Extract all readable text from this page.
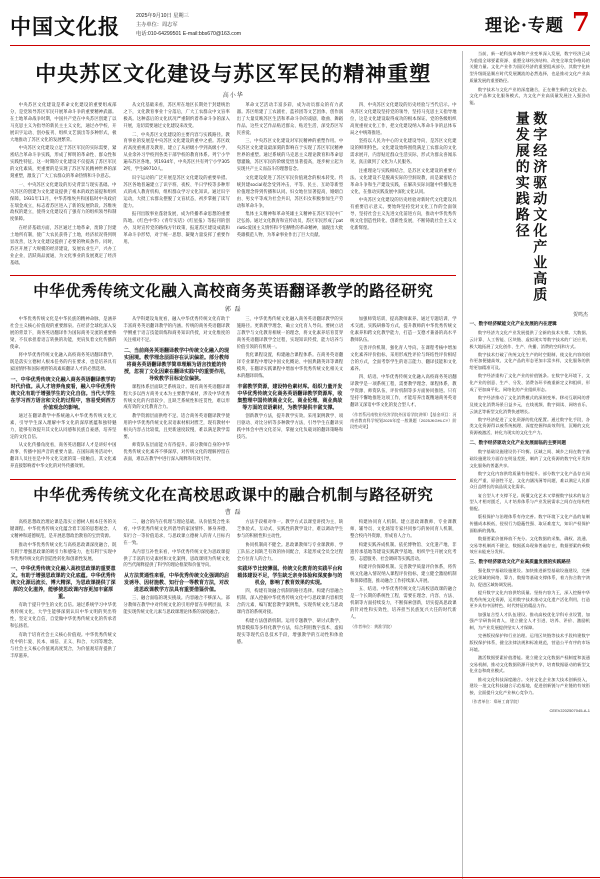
中国文化报	2025年9月10日 星期三
主办单位：周志军
电话:010-64299501 E-mail:bbs670@163.com	理论·专题 7
中央苏区文化建设与苏区军民的精神重塑
高小华

中央苏区文化建设是革命文化建设的重要组成部分，是党领导苏区军民开展革命斗争的重要精神武器。在土地革命战争时期，中国共产党在中央苏区创建了以马克思主义为指导的新民主主义文化，通过办学校、开展识字运动、创办报刊、组织文艺演出等多种形式，极大地推动了苏区文化的发展繁荣。

中央苏区文化建设立足于苏区军民的实际需要，紧密结合革命斗争实践，形成了鲜明的革命性、群众性和实践性特征。这一时期的文化建设不仅提高了苏区军民的文化素质，更重要的是实现了苏区军民精神世界的深刻重塑，激发了广大工农群众的革命热情和斗争意志。

一、中央苏区文化建设的历史背景与现实基础。中央苏区的创建为文化建设提供了根本的政治前提和组织保障。1931年11月，中华苏维埃共和国临时中央政府在瑞金成立，标志着苏区进入了新的发展阶段。苏维埃政权的建立，使得文化建设有了强有力的组织领导和制度保障。

在经济基础方面，苏区通过土地革命，废除了封建土地所有制，使广大农民获得了土地，经济状况得到明显改善，这为文化建设提供了必要的物质条件。同时，苏区开展了大规模的经济建设，发展农业生产，兴办工业企业，活跃商品流通，为文化事业的发展奠定了经济基础。

从文化基础来看，苏区所在地区长期处于封建统治之下，文化教育事业十分落后，广大工农群众中文盲率极高。这种落后的文化状况严重制约着革命斗争的深入开展，迫切需要通过文化建设来改变。

二、中央苏区文化建设的主要内容与实践路径。教育事业的发展是中央苏区文化建设的重中之重。苏区政府高度重视普及教育，建立了从初级小学到高级小学、从业余补习学校到各类干部学校的教育体系。列宁小学遍布苏区各地，到1934年，中央苏区共有列宁小学3052所，学生89710人。

识字运动的广泛开展是苏区文化建设的重要举措。苏区各地普遍建立了识字班、夜校、半日学校等多种形式的成人教育机构，组织群众学习文化知识。通过识字运动，大批工农群众摆脱了文盲状态，初步掌握了读写能力。

报刊出版事业蓬勃发展，成为传播革命思想的重要阵地。《红色中华》《青年实话》《红星报》等报刊的创办，及时宣传党的路线方针政策，报道苏区建设成就和革命斗争形势，对于统一思想、凝聚力量发挥了重要作用。

革命文艺活动丰富多彩，成为动员群众的有力武器。苏区组建了工农剧社、蓝衫团等文艺团体，创作演出了大量反映苏区生活和革命斗争的戏剧、歌曲、舞蹈作品。这些文艺作品贴近群众、贴近生活，深受苏区军民喜爱。

三、中央苏区文化建设对军民精神的重塑作用。中央苏区文化建设最深刻的影响在于实现了苏区军民精神世界的重塑。通过系统的马克思主义理论教育和革命思想灌输，苏区军民的阶级觉悟显著提高，逐步树立起为实现共产主义而奋斗的理想信念。

文化建设促进了苏区军民价值观念的根本转变。传统封建social观念受到冲击，平等、民主、互助等新型价值理念得到传播和认同。妇女地位显著提高，婚姻自由、男女平等成为社会共识，苏区妇女积极参加生产劳动和革命斗争。

集体主义精神和革命英雄主义精神在苏区军民中广泛弘扬。通过文化教育和宣传动员，苏区军民形成了patriotic爱国主义情怀和不怕牺牲的革命精神，涌现出大批英雄模范人物，为革命事业作出了巨大贡献。

四、中央苏区文化建设的历史经验与当代启示。中央苏区文化建设坚持党的领导，坚持马克思主义指导地位，这是文化建设取得成功的根本保证。党的各级组织高度重视文化工作，把文化建设纳入革命斗争的总体布局之中统筹推进。

坚持以人民为中心的文化建设导向，是苏区文化建设的鲜明特色。文化建设始终围绕满足工农群众的文化需求展开，内容贴近群众生活实际，形式为群众喜闻乐见，真正做到了文化为人民服务。

注重理论与实践相结合，是苏区文化建设的重要方法。文化建设不是脱离实际的空洞说教，而是紧密结合革命斗争和生产建设实践，在解决实际问题中传播先进文化，在推动实践发展中深化文化认同。

中央苏区文化建设的历史经验对新时代文化建设具有重要启示意义。要始终坚持党对文化工作的全面领导，坚持社会主义先进文化前进方向，推动中华优秀传统文化创造性转化、创新性发展，不断铸就社会主义文化新辉煌。

中华优秀传统文化融入高校商务英语翻译教学的路径研究
郭 磊

中华优秀传统文化是中华民族的精神命脉，是涵养社会主义核心价值观的重要源泉。在经济全球化深入发展的背景下，商务英语翻译作为国际商务交流的重要桥梁，不仅承担着语言转换的功能，更肩负着文化传播的使命。

将中华优秀传统文化融入高校商务英语翻译教学，既是落实立德树人根本任务的内在要求，也是培养具有家国情怀和国际视野的高素质翻译人才的必然选择。

一、中华优秀传统文化融入商务英语翻译教学的时代价值。从人才培养角度看，融入中华优秀传统文化有助于增强学生的文化自信。当代大学生在学习西方语言和文化的过程中，容易受到西方价值观念的影响。

通过在翻译教学中系统融入中华优秀传统文化元素，引导学生深入理解中华文化的深厚底蕴和独特魅力，能够有效提升其文化认同感和民族自豪感，培养坚定的文化自信。

从文化传播角度看，商务英语翻译人才是讲好中国故事、传播中国声音的重要力量。在国际商务活动中，翻译人员往往是中外文化交流的第一接触点，其文化素养直接影响着中华文化的对外传播效果。

从学科建设角度看，融入中华优秀传统文化有助于丰富商务英语翻译教学的内涵。传统的商务英语翻译教学侧重于语言技能训练和商务知识传授，对文化维度的关注相对不足。

二、当前商务英语翻译教学中传统文化融入的现实困境。教学理念层面存在认识偏差。部分教师将商务英语翻译教学简单理解为语言技能的传授，忽视了文化因素在翻译实践中的重要作用，导致教学目标定位偏狭。

课程体系层面缺乏系统设计。现有商务英语翻译课程大多以西方商务文本为主要教学素材，涉及中华优秀传统文化的内容较少，且缺乏系统性和连贯性，难以形成有效的文化教育合力。

教学资源层面供给不足。适合商务英语翻译教学使用的中华优秀传统文化双语素材相对匮乏，现有教材中相关内容占比较低，且更新速度较慢，难以满足教学需要。

师资队伍层面能力有待提升。部分教师自身的中华优秀传统文化素养不够深厚，对传统文化的理解停留在表面，难以在教学中进行深入阐释和有效引导。

三、中华优秀传统文化融入商务英语翻译教学的实施路径。更新教学理念，确立文化育人导向。要树立语言教学与文化教育相统一的理念，将文化素养培育贯穿商务英语翻译教学全过程，实现知识传授、能力培养与价值引领的有机统一。

优化课程设置，构建融合课程体系。在商务英语翻译专业课程中增设中国文化概论、中国典籍英译等课程模块，在翻译实践课程中增加中华优秀传统文化相关文本的翻译训练。

丰富教学资源，建设特色素材库。组织力量开发中华优秀传统文化商务英语翻译教学资源库，收集整理中国传统商业文化、商业伦理、商业典故等方面的双语素材，为教学提供丰富支撑。

创新教学方法，提升教学实效。采用案例教学、项目驱动、对比分析等多种教学方法，引导学生在翻译实践中体会中西文化差异，掌握文化负载词的翻译策略和技巧。

加强师资培训，提高教师素养。通过专题培训、学术交流、实践研修等方式，提升教师的中华优秀传统文化素养和跨文化教学能力，打造一支德才兼备的高水平教师队伍。

完善评价机制，强化育人导向。在课程考核中增加文化素养评价指标，采用形成性评价与终结性评价相结合的方式，全面考察学生的语言能力、翻译技能和文化素养。

四、结语。中华优秀传统文化融入高校商务英语翻译教学是一项系统工程，需要教学理念、课程体系、教学资源、师资队伍、评价机制等多方面协同推进。只有坚持不懈地推进这项工作，才能培养出既精通商务英语翻译又深谙中华文化的复合型人才。

（作者系河南牧业经济学院外国语学院讲师）【基金项目：河南省教育科学规划2025年度一般课题（2025JKGHLCY）阶段性成果】
中华优秀传统文化在高校思政课中的融合机制与路径研究
曹 磊

高校思想政治理论课是落实立德树人根本任务的关键课程。中华优秀传统文化蕴含着丰富的思想观念、人文精神和道德规范，是开展思想政治教育的宝贵资源。

推动中华优秀传统文化与高校思政课深度融合，既有利于增强思政课的吸引力和感染力，也有利于实现中华优秀传统文化的创造性转化和创新性发展。

一、中华优秀传统文化融入高校思政课的重要意义。有助于增强思政课的文化底蕴。中华优秀传统文化源远流长、博大精深，为思政课提供了深厚的文化滋养，能够使思政课内容更加丰富厚重。

有助于提升学生的文化自信。通过系统学习中华优秀传统文化，大学生能够深刻认识中华文明的突出特性，坚定文化自信，自觉做中华优秀传统文化的传承者和弘扬者。

有助于培育社会主义核心价值观。中华优秀传统文化中的仁爱、民本、诚信、正义、和合、大同等理念，与社会主义核心价值观高度契合，为价值观培育提供了丰厚滋养。

二、融合的内在机理与理论基础。从价值契合性来看，中华优秀传统文化所倡导的家国情怀、修身养德、知行合一等价值追求，与思政课立德树人的育人目标内在一致。

从内容互补性来看，中华优秀传统文化为思政课提供了丰富的历史素材和文化案例，思政课则为传统文化的当代阐释提供了科学的理论框架和价值导向。

从方法贯通性来看，中华优秀传统文化强调的启发诱导、因材施教、知行合一等教育方法，对改进思政课教学方法具有重要借鉴价值。

三、融合面临的现实挑战。内容融合不够深入。部分教师在教学中对传统文化的引用停留在举例层面，未能实现传统文化元素与思政课理论体系的深度融合。

方法手段相对单一。教学方式以课堂讲授为主，缺乏体验式、互动式、实践性的教学设计，难以调动学生参与的积极性和主动性。

协同机制尚不健全。思政课教师与专业课教师、学工队伍之间缺乏有效的协同配合，未能形成全员全过程全方位育人的合力。

实践环节比较薄弱。传统文化教育的实践平台和载体建设不足，学生缺乏亲身体验和深度参与的机会，影响了教育效果的实现。

四、构建有效融合机制的路径选择。构建内容融合机制。深入挖掘中华优秀传统文化中与思政课内容相契合的元素，编写配套教学案例集，实现传统文化与思政课内容的系统对接。

构建方法创新机制。运用专题教学、研讨式教学、情景模拟等多样化教学方法，综合利用数字技术、虚拟现实等现代信息技术手段，增强教学的互动性和体验感。

构建协同育人机制。建立思政课教师、专业课教师、辅导员、文化场馆专家共同参与的协同育人机制，整合校内外资源，形成育人合力。

构建实践养成机制。依托博物馆、文化遗产地、非遗传承基地等建设实践教学基地，组织学生开展文化考察、志愿服务、社会调研等实践活动。

构建评价保障机制。完善教学质量评价体系，将传统文化融入情况纳入课程评价指标，建立健全激励机制和保障措施，推动融合工作持续深入开展。

五、结语。中华优秀传统文化与高校思政课的融合是一个长期的系统性工程，需要在理念、内容、方法、机制等方面持续发力，不断探索创新，切实提高思政课的针对性和实效性，培养担当民族复兴大任的时代新人。

（作者单位：黄淮学院）

当前，新一轮科技革命和产业变革深入发展，数字经济已成为重组全球要素资源、重塑全球经济结构、改变全球竞争格局的关键力量。文化产业作为国民经济的重要组成部分，其数字化转型升级既是顺应时代发展潮流的必然选择，也是推动文化产业高质量发展的重要路径。

数字技术与文化产业的深度融合，正在催生新的文化业态、文化产品和文化服务模式，为文化产业高质量发展注入强劲动能。

数字经济驱动文化产业高质量发展的实践路径
贺鸣杰
一、数字经济赋能文化产业发展的内在逻辑

数字经济为文化产业发展提供了全新的技术支撑。大数据、云计算、人工智能、区块链、虚拟现实等数字技术的广泛应用，极大地拓展了文化创作、生产、传播、消费的空间和方式。

数字技术打破了传统文化生产的时空限制，使文化内容的创作更加便捷高效，文化产品的形态更加丰富多样，文化服务的供给更加精准可及。

数字经济重构了文化产业的价值链条。在数字化环境下，文化产业的创意、生产、分发、消费各环节被重新定义和组织，形成了更加扁平化、网络化的产业组织形态。

数字经济推动了文化消费模式的深刻变革。移动互联网的普及使文化消费场景日益多元，在线视频、数字阅读、网络音乐、云演艺等新型文化消费快速增长。

数字经济促进了文化资源的优化配置。通过数字化手段，各类文化资源得以被系统梳理、深度挖掘和高效利用，沉睡的文化资源被激活，转化为现实的文化生产力。

二、数字经济驱动文化产业发展面临的主要问题

数字基础设施建设仍不均衡。区域之间、城乡之间在数字基础设施建设方面存在明显差距，制约了文化资源的数字化开发和文化服务的普惠共享。

数字文化内容供给质量有待提升。部分数字文化产品存在同质化严重、原创性不足、文化内涵浅薄等问题，难以满足人民群众日益增长的高品质文化需求。

复合型人才支撑不足。既懂文化艺术又掌握数字技术的复合型人才相对匮乏，人才培养体系与产业发展需求之间存在结构性错配。

版权保护与治理体系有待完善。数字环境下文化产品的复制传播成本极低，侵权行为隐蔽性强、取证难度大，知识产权保护面临新的挑战。

数据要素价值释放不充分。文化数据的采集、确权、流通、交易等机制尚不健全，数据孤岛现象普遍存在，数据要素的乘数效应未能充分发挥。

三、数字经济驱动文化产业高质量发展的实践路径

强化数字基础设施建设。加快推进新型基础设施建设，完善文化领域的网络、算力、数据等基础支撑体系，着力弥合数字鸿沟，促进区域协调发展。

提升数字文化内容供给质量。坚持内容为王，深入挖掘中华优秀传统文化资源，运用数字技术推动文化遗产活化利用，打造更多具有中国特色、时代特征的精品力作。

加强复合型人才队伍建设。推动高校优化学科专业设置，加强产学研协同育人，建立健全人才引进、培养、评价、激励机制，为产业发展提供坚实人才保障。

完善版权保护和行业治理。运用区块链等技术手段构建数字版权保护体系，健全法律法规和标准规范，营造公平有序的市场环境。

激活数据要素价值潜能。建立健全文化数据产权制度和流通交易机制，推动文化数据资源开放共享，培育数据驱动的新型文化业态和商业模式。

推动文化科技深度融合。支持文化企业加大技术创新投入，建设一批文化科技融合示范基地，促进创新链与产业链的有效衔接，全面提升文化产业核心竞争力。

（作者单位：郑州工商学院）
CEEVJ202507045-A-1
